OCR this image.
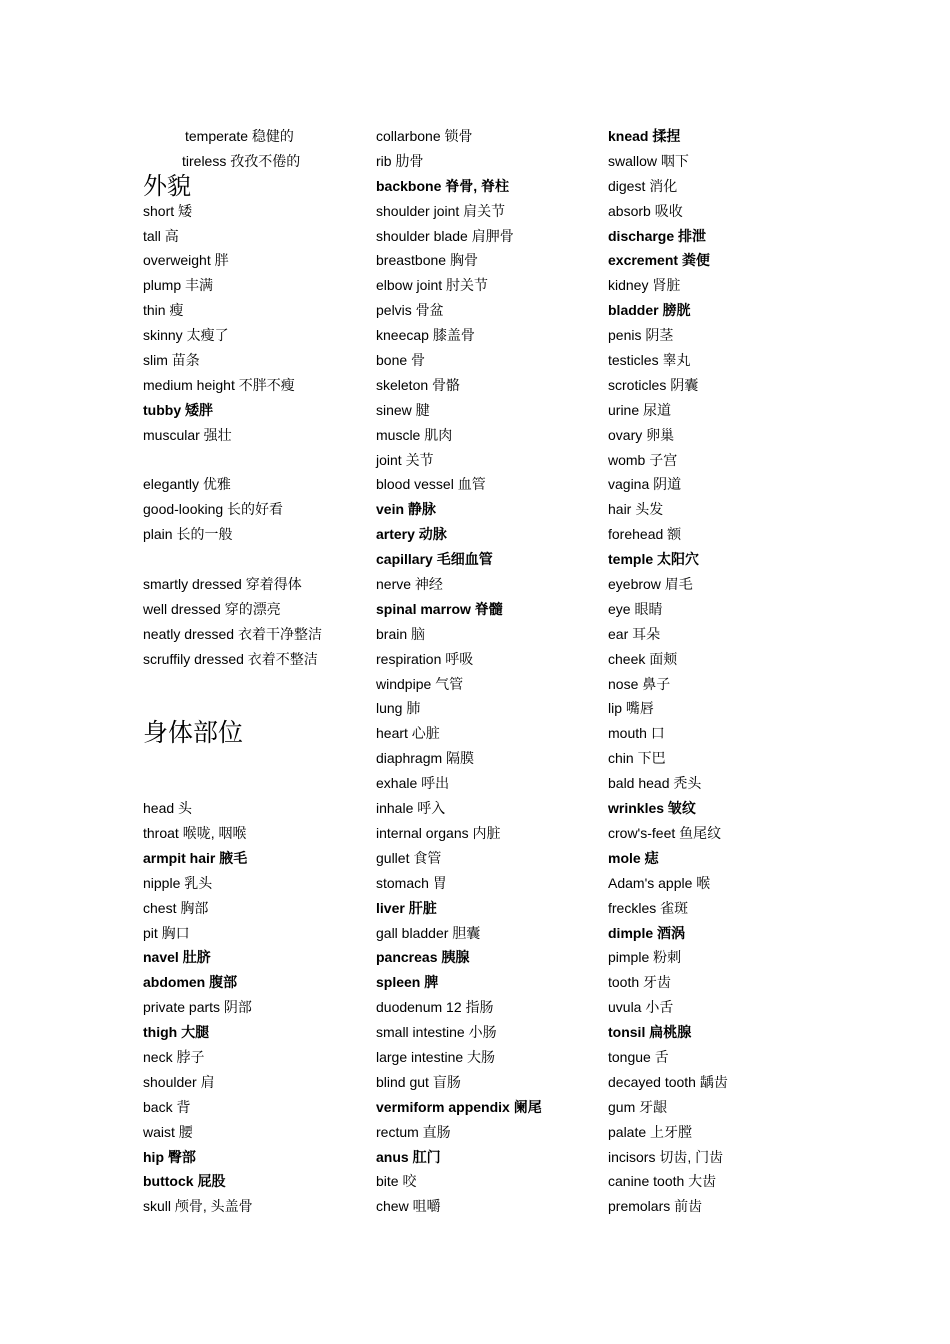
temperate 稳健的
tireless 孜孜不倦的
外貌
short 矮
tall 高
overweight 胖
plump 丰满
thin 瘦
skinny 太瘦了
slim 苗条
medium height 不胖不瘦
tubby 矮胖
muscular 强壮
elegantly 优雅
good-looking 长的好看
plain 长的一般
smartly dressed 穿着得体
well dressed 穿的漂亮
neatly dressed 衣着干净整洁
scruffily dressed 衣着不整洁
身体部位
head 头
throat 喉咙, 咽喉
armpit hair 腋毛
nipple 乳头
chest 胸部
pit 胸口
navel 肚脐
abdomen 腹部
private parts 阴部
thigh 大腿
neck 脖子
shoulder 肩
back 背
waist 腰
hip 臀部
buttock 屁股
skull 颅骨, 头盖骨
collarbone 锁骨
rib 肋骨
backbone 脊骨, 脊柱
shoulder joint 肩关节
shoulder blade 肩胛骨
breastbone 胸骨
elbow joint 肘关节
pelvis 骨盆
kneecap 膝盖骨
bone 骨
skeleton 骨骼
sinew 腱
muscle 肌肉
joint 关节
blood vessel 血管
vein 静脉
artery 动脉
capillary 毛细血管
nerve 神经
spinal marrow 脊髓
brain 脑
respiration 呼吸
windpipe 气管
lung 肺
heart 心脏
diaphragm 隔膜
exhale 呼出
inhale 呼入
internal organs 内脏
gullet 食管
stomach 胃
liver 肝脏
gall bladder 胆囊
pancreas 胰腺
spleen 脾
duodenum 12 指肠
small intestine 小肠
large intestine 大肠
blind gut 盲肠
vermiform appendix 阑尾
rectum 直肠
anus 肛门
bite 咬
chew 咀嚼
knead 揉捏
swallow 咽下
digest 消化
absorb 吸收
discharge 排泄
excrement 粪便
kidney 肾脏
bladder 膀胱
penis 阴茎
testicles 睾丸
scroticles 阴囊
urine 尿道
ovary 卵巢
womb 子宫
vagina 阴道
hair 头发
forehead 额
temple 太阳穴
eyebrow 眉毛
eye 眼睛
ear 耳朵
cheek 面颊
nose 鼻子
lip 嘴唇
mouth 口
chin 下巴
bald head 秃头
wrinkles 皱纹
crow's-feet 鱼尾纹
mole 痣
Adam's apple 喉
freckles 雀斑
dimple 酒涡
pimple 粉刺
tooth 牙齿
uvula 小舌
tonsil 扁桃腺
tongue 舌
decayed tooth 龋齿
gum 牙龈
palate 上牙膛
incisors 切齿, 门齿
canine tooth 大齿
premolars 前齿
